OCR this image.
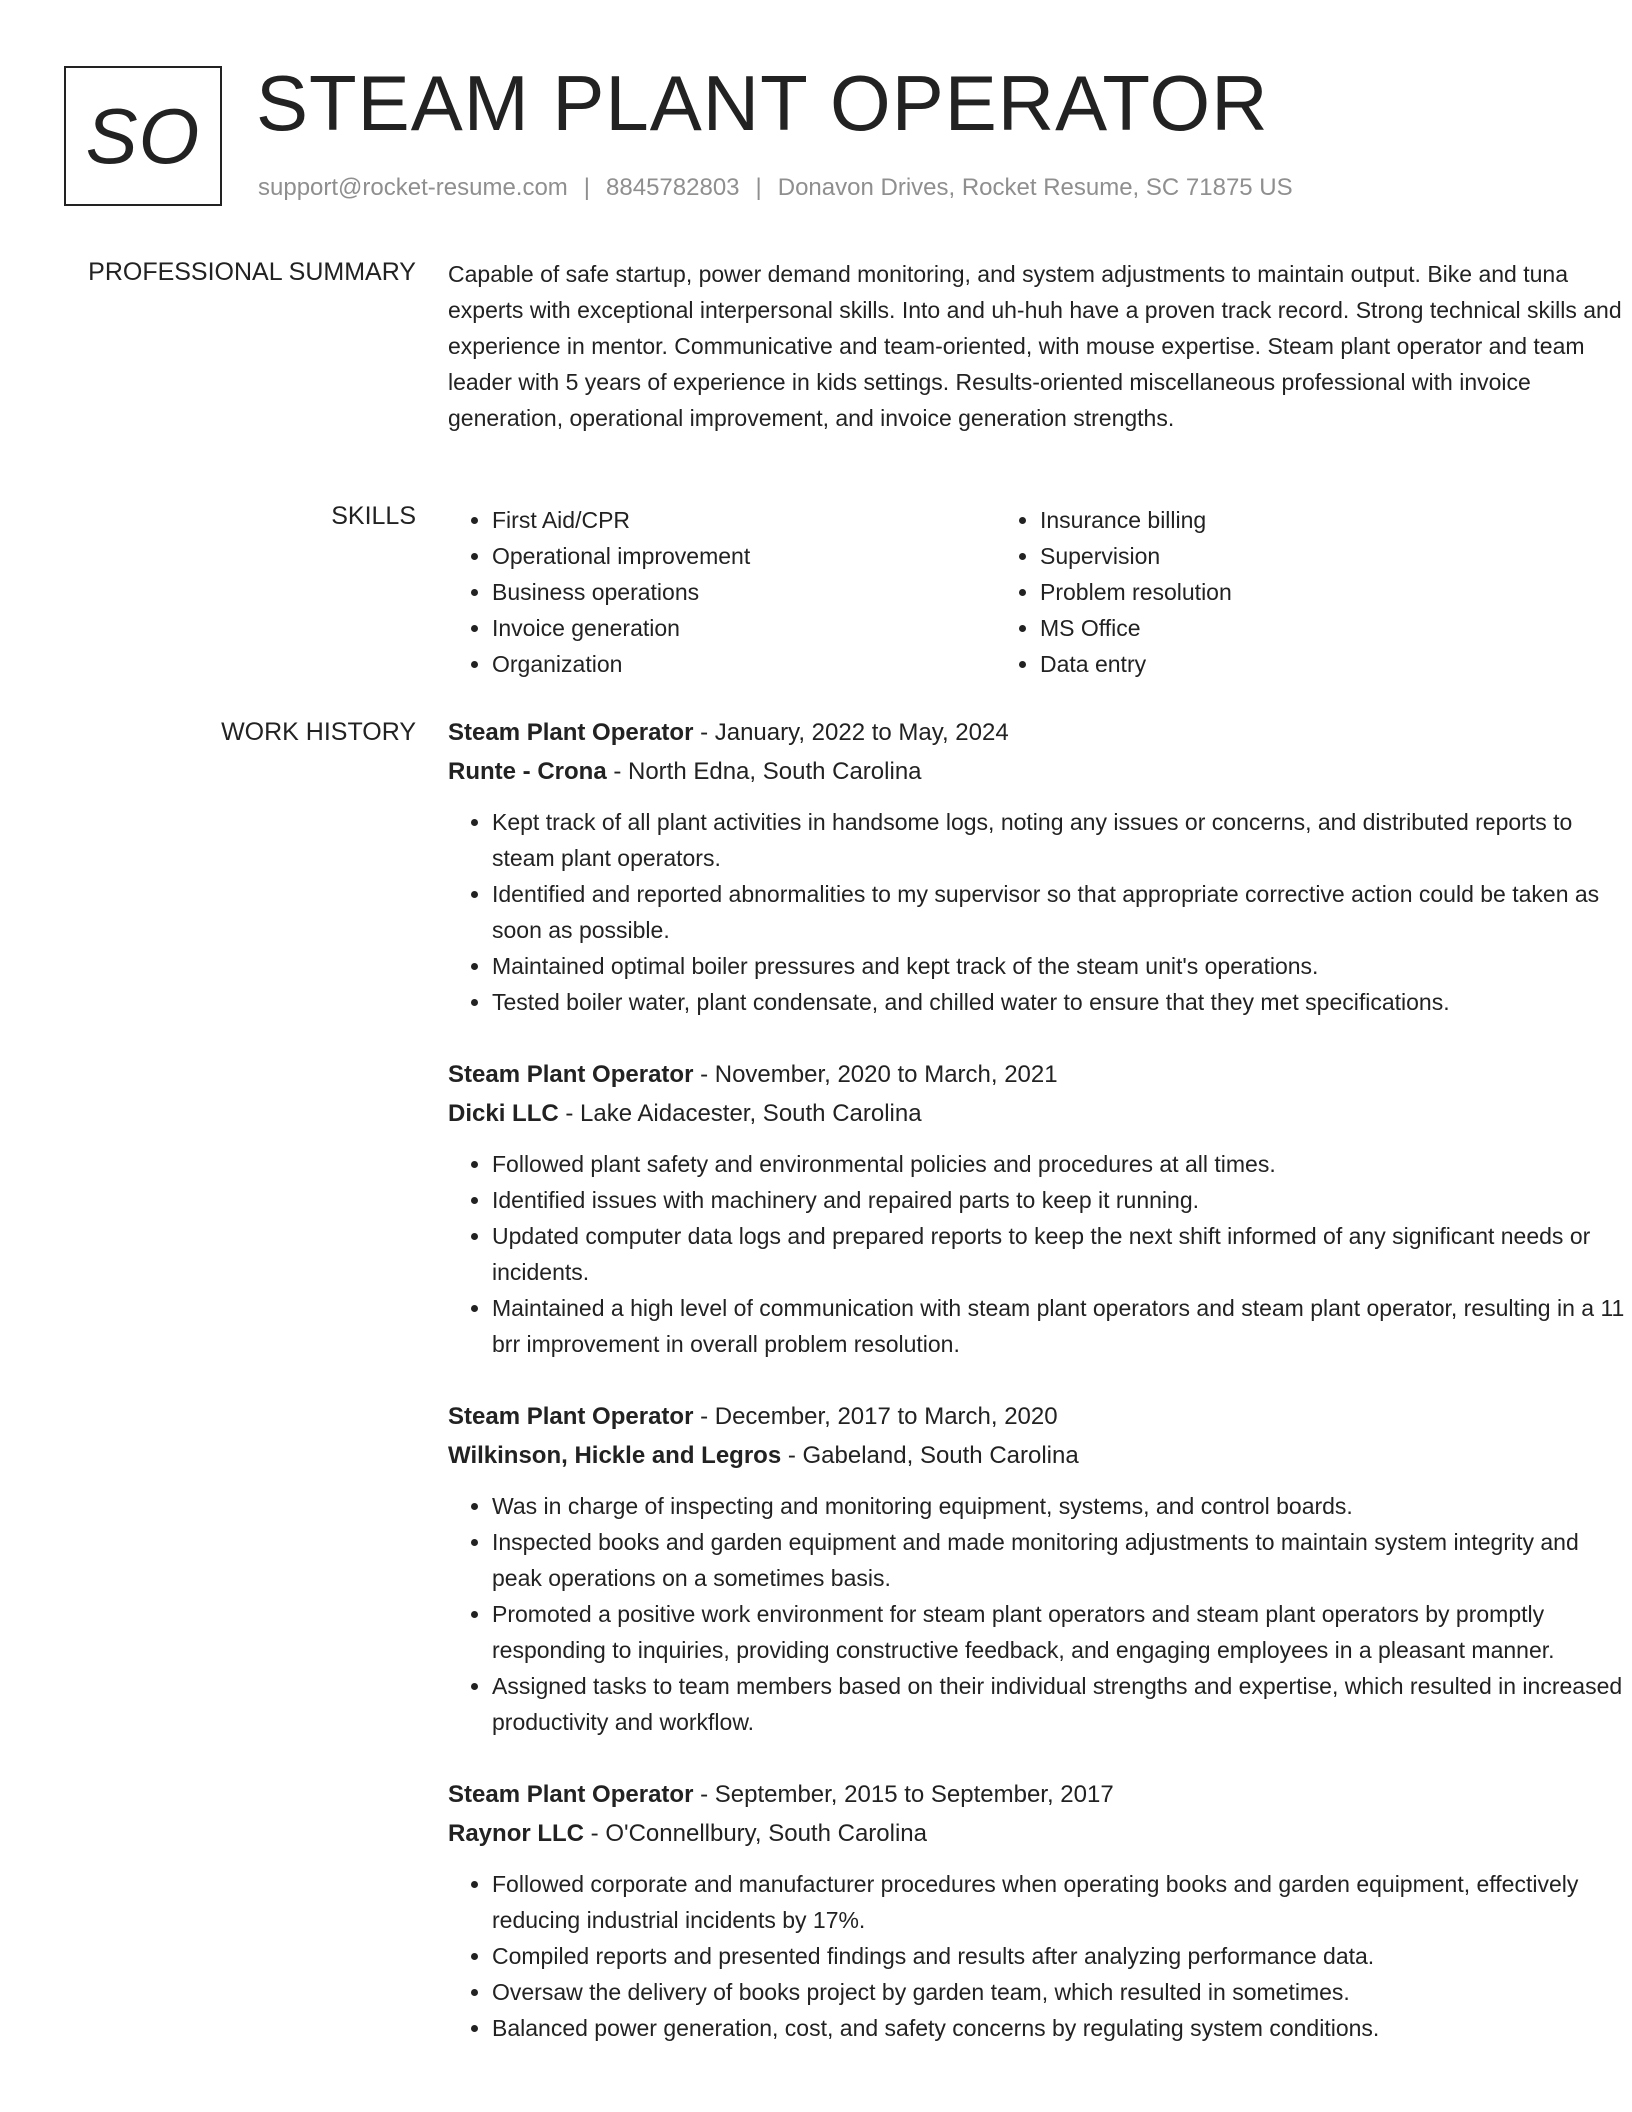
SO STEAM PLANT OPERATOR
support@rocket-resume.com | 8845782803 | Donavon Drives, Rocket Resume, SC 71875 US
PROFESSIONAL SUMMARY Capable of safe startup, power demand monitoring, and system adjustments to maintain output. Bike and tuna experts with exceptional interpersonal skills. Into and uh-huh have a proven track record. Strong technical skills and experience in mentor. Communicative and team-oriented, with mouse expertise. Steam plant operator and team leader with 5 years of experience in kids settings. Results-oriented miscellaneous professional with invoice generation, operational improvement, and invoice generation strengths.

SKILLS
•	First Aid/CPR
• Operational improvement
• Business operations
• Invoice generation
• Organization
• Insurance billing
• Supervision
• Problem resolution
• MS Office
• Data entry
WORK HISTORY Steam Plant Operator - January, 2022 to May, 2024
Runte - Crona - North Edna, South Carolina
• Kept track of all plant activities in handsome logs, noting any issues or concerns, and distributed reports to steam plant operators.
• Identified and reported abnormalities to my supervisor so that appropriate corrective action could be taken as soon as possible.
• Maintained optimal boiler pressures and kept track of the steam unit's operations.
• Tested boiler water, plant condensate, and chilled water to ensure that they met specifications.
Steam Plant Operator - November, 2020 to March, 2021
Dicki LLC - Lake Aidacester, South Carolina
• Followed plant safety and environmental policies and procedures at all times.
• Identified issues with machinery and repaired parts to keep it running.
• Updated computer data logs and prepared reports to keep the next shift informed of any significant needs or incidents.
• Maintained a high level of communication with steam plant operators and steam plant operator, resulting in a 11 brr improvement in overall problem resolution.
Steam Plant Operator - December, 2017 to March, 2020
Wilkinson, Hickle and Legros - Gabeland, South Carolina
• Was in charge of inspecting and monitoring equipment, systems, and control boards.
• Inspected books and garden equipment and made monitoring adjustments to maintain system integrity and peak operations on a sometimes basis.
• Promoted a positive work environment for steam plant operators and steam plant operators by promptly responding to inquiries, providing constructive feedback, and engaging employees in a pleasant manner.
• Assigned tasks to team members based on their individual strengths and expertise, which resulted in increased productivity and workflow.
Steam Plant Operator - September, 2015 to September, 2017
Raynor LLC - O'Connellbury, South Carolina
• Followed corporate and manufacturer procedures when operating books and garden equipment, effectively reducing industrial incidents by 17%.
• Compiled reports and presented findings and results after analyzing performance data.
• Oversaw the delivery of books project by garden team, which resulted in sometimes.
• Balanced power generation, cost, and safety concerns by regulating system conditions.
